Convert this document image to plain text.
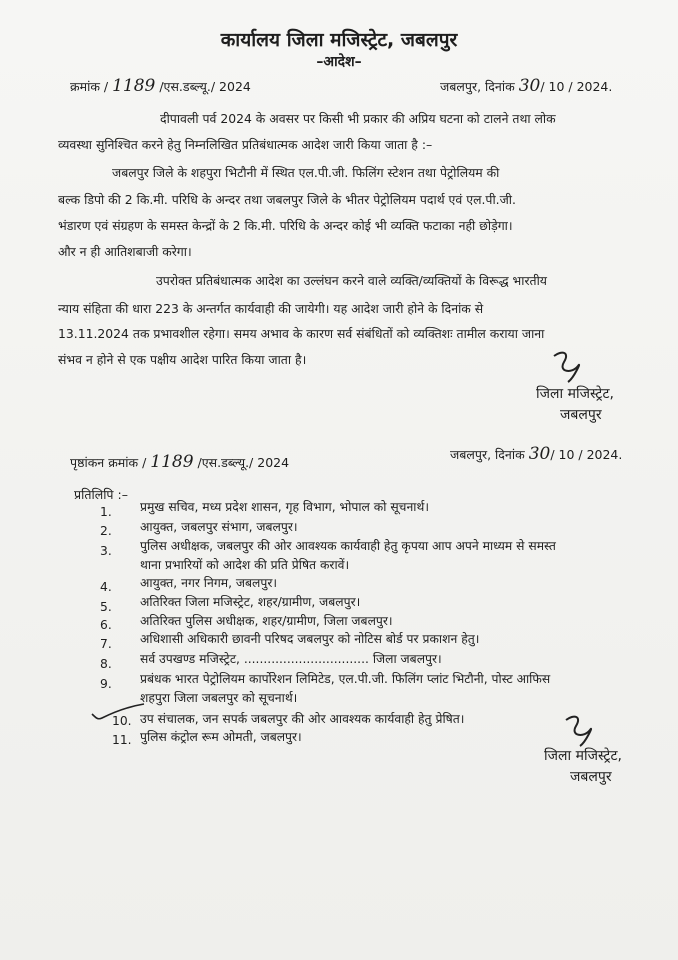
कार्यालय जिला मजिस्ट्रेट, जबलपुर
–आदेश–
क्रमांक / 1189 /एस.डब्ल्यू./ 2024	जबलपुर, दिनांक 30/ 10 / 2024.
दीपावली पर्व 2024 के अवसर पर किसी भी प्रकार की अप्रिय घटना को टालने तथा लोक
व्यवस्था सुनिश्चित करने हेतु निम्नलिखित प्रतिबंधात्मक आदेश जारी किया जाता है :–
जबलपुर जिले के शहपुरा भिटौनी में स्थित एल.पी.जी. फिलिंग स्टेशन तथा पेट्रोलियम की
बल्क डिपो की 2 कि.मी. परिधि के अन्दर तथा जबलपुर जिले के भीतर पेट्रोलियम पदार्थ एवं एल.पी.जी.
भंडारण एवं संग्रहण के समस्त केन्द्रों के 2 कि.मी. परिधि के अन्दर कोई भी व्यक्ति फटाका नही छोड़ेगा।
और न ही आतिशबाजी करेगा।
उपरोक्त प्रतिबंधात्मक आदेश का उल्लंघन करने वाले व्यक्ति/व्यक्तियों के विरूद्ध भारतीय
न्याय संहिता की धारा 223 के अन्तर्गत कार्यवाही की जायेगी। यह आदेश जारी होने के दिनांक से
13.11.2024 तक प्रभावशील रहेगा। समय अभाव के कारण सर्व संबंधितों को व्यक्तिशः तामील कराया जाना
संभव न होने से एक पक्षीय आदेश पारित किया जाता है।
जिला मजिस्ट्रेट,
जबलपुर
पृष्ठांकन क्रमांक / 1189 /एस.डब्ल्यू./ 2024
जबलपुर, दिनांक 30/ 10 / 2024.
प्रतिलिपि :–
1. प्रमुख सचिव, मध्य प्रदेश शासन, गृह विभाग, भोपाल को सूचनार्थ।
2. आयुक्त, जबलपुर संभाग, जबलपुर।
3. पुलिस अधीक्षक, जबलपुर की ओर आवश्यक कार्यवाही हेतु कृपया आप अपने माध्यम से समस्त
थाना प्रभारियों को आदेश की प्रति प्रेषित करावें।
4. आयुक्त, नगर निगम, जबलपुर।
5. अतिरिक्त जिला मजिस्ट्रेट, शहर/ग्रामीण, जबलपुर।
6. अतिरिक्त पुलिस अधीक्षक, शहर/ग्रामीण, जिला जबलपुर।
7. अधिशासी अधिकारी छावनी परिषद जबलपुर को नोटिस बोर्ड पर प्रकाशन हेतु।
8. सर्व उपखण्ड मजिस्ट्रेट, ................................ जिला जबलपुर।
9. प्रबंधक भारत पेट्रोलियम कार्पोरेशन लिमिटेड, एल.पी.जी. फिलिंग प्लांट भिटौनी, पोस्ट आफिस
शहपुरा जिला जबलपुर को सूचनार्थ।
10. उप संचालक, जन सपर्क जबलपुर की ओर आवश्यक कार्यवाही हेतु प्रेषित।
11. पुलिस कंट्रोल रूम ओमती, जबलपुर।
जिला मजिस्ट्रेट,
जबलपुर
